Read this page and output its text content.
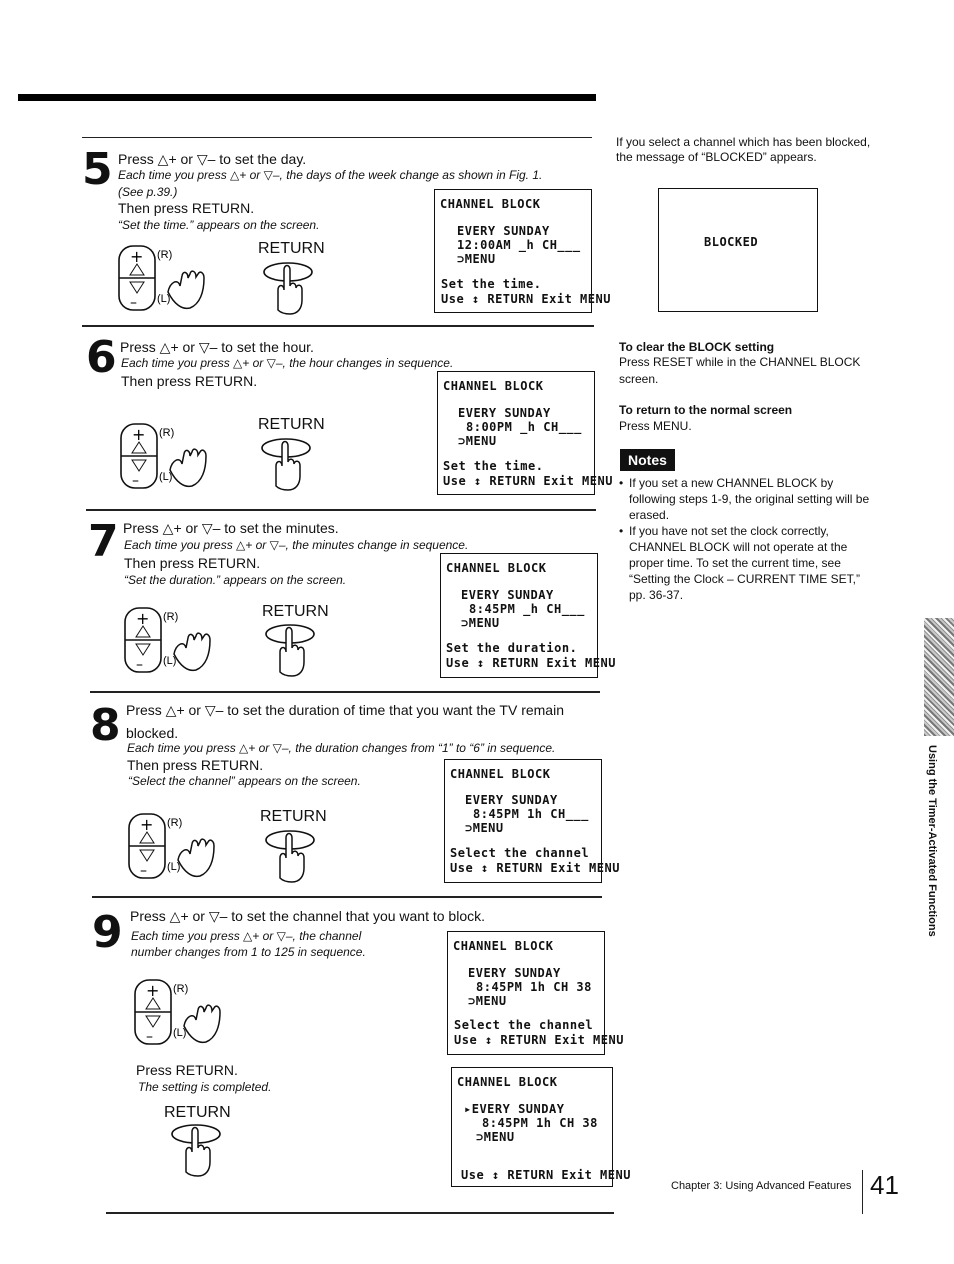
5 Press △+ or ▽– to set the day.
Each time you press △+ or ▽–, the days of the week change as shown in Fig. 1.
(See p.39.)
Then press RETURN.
“Set the time.” appears on the screen.
+
–
(R)
(L)
RETURN
CHANNEL BLOCK
EVERY SUNDAY
12:00AM _h CH___
⊃MENU
Set the time.
Use ↕ RETURN Exit MENU
6 Press △+ or ▽– to set the hour.
Each time you press △+ or ▽–, the hour changes in sequence.
Then press RETURN.
+
–
(R)
(L)
RETURN
CHANNEL BLOCK
EVERY SUNDAY
8:00PM _h CH___
⊃MENU
Set the time.
Use ↕ RETURN Exit MENU
7 Press △+ or ▽– to set the minutes.
Each time you press △+ or ▽–, the minutes change in sequence.
Then press RETURN.
“Set the duration.” appears on the screen.
+
–
(R)
(L)
RETURN
CHANNEL BLOCK
EVERY SUNDAY
8:45PM _h CH___
⊃MENU
Set the duration.
Use ↕ RETURN Exit MENU
8 Press △+ or ▽– to set the duration of time that you want the TV remain
blocked.
Each time you press △+ or ▽–, the duration changes from “1” to “6” in sequence.
Then press RETURN.
“Select the channel” appears on the screen.
+
–
(R)
(L)
RETURN
CHANNEL BLOCK
EVERY SUNDAY
8:45PM 1h CH___
⊃MENU
Select the channel
Use ↕ RETURN Exit MENU
9 Press △+ or ▽– to set the channel that you want to block.
Each time you press △+ or ▽–, the channel
number changes from 1 to 125 in sequence.
+
–
(R)
(L)
Press RETURN.
The setting is completed.
RETURN
CHANNEL BLOCK
EVERY SUNDAY
8:45PM 1h CH 38
⊃MENU
Select the channel
Use ↕ RETURN Exit MENU
CHANNEL BLOCK
▸EVERY SUNDAY
8:45PM 1h CH 38
⊃MENU
Use ↕ RETURN Exit MENU
If you select a channel which has been blocked,
the message of “BLOCKED” appears.
BLOCKED
To clear the BLOCK setting
Press RESET while in the CHANNEL BLOCK
screen.
To return to the normal screen
Press MENU.
Notes
• If you set a new CHANNEL BLOCK by
following steps 1-9, the original setting will be
erased.
• If you have not set the clock correctly,
CHANNEL BLOCK will not operate at the
proper time. To set the current time, see
“Setting the Clock – CURRENT TIME SET,”
pp. 36-37.
Using the Timer-Activated Functions
Chapter 3: Using Advanced Features 41
